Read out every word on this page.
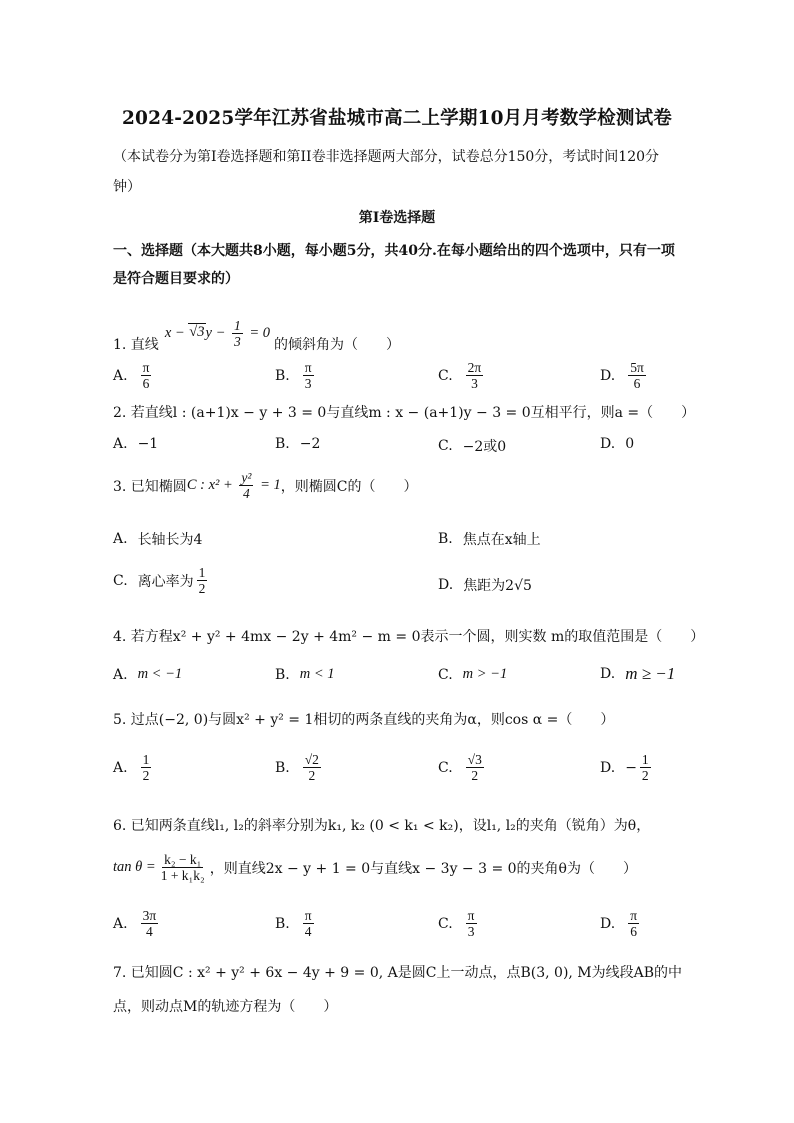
2024-2025学年江苏省盐城市高二上学期10月月考数学检测试卷
（本试卷分为第I卷选择题和第II卷非选择题两大部分，试卷总分150分，考试时间120分
钟）
第I卷选择题
一、选择题（本大题共8小题，每小题5分，共40分.在每小题给出的四个选项中，只有一项
是符合题目要求的）
1. 直线
$x - √3y - \frac{1}{3} = 0$
的倾斜角为（　　）
A. $\frac{\pi}{6}$	B. $\frac{\pi}{3}$	C. $\frac{2\pi}{3}$	D. $\frac{5\pi}{6}$
2. 若直线l : (a+1)x − y + 3 = 0与直线m : x − (a+1)y − 3 = 0互相平行，则a =（　　）
A. −1	B. −2	C. −2或0	D. 0
3. 已知椭圆 C : $x^2 + \frac{\text{y²}}{4} = 1$ ，则椭圆C的（　　）
A. 长轴长为4	B. 焦点在x轴上
C. 离心率为 $\frac{1}{2}$	D. 焦距为2√5
4. 若方程x² + y² + 4mx − 2y + 4m² − m = 0表示一个圆，则实数 m的取值范围是（　　）
A. m < −1	B. m < 1	C. m > −1	D. m ≥ −1
5. 过点(−2, 0)与圆x² + y² = 1相切的两条直线的夹角为α，则cos α =（　　）
A. $\frac{1}{2}$	B. $\frac{√2}{2}$	C. $\frac{√3}{2}$	D. − $\frac{1}{2}$
6. 已知两条直线l₁, l₂的斜率分别为k₁, k₂ (0 < k₁ < k₂)，设l₁, l₂的夹角（锐角）为θ，
$\tan \theta = \frac{\text{k₂ − k₁}}{\text{1 + k₁k₂}}$ ，则直线2x − y + 1 = 0与直线x − 3y − 3 = 0的夹角θ为（　　）
A. $\frac{3\pi}{4}$	B. $\frac{\pi}{4}$	C. $\frac{\pi}{3}$	D. $\frac{\pi}{6}$
7. 已知圆C : x² + y² + 6x − 4y + 9 = 0, A是圆C上一动点，点B(3, 0), M为线段AB的中
点，则动点M的轨迹方程为（　　）
